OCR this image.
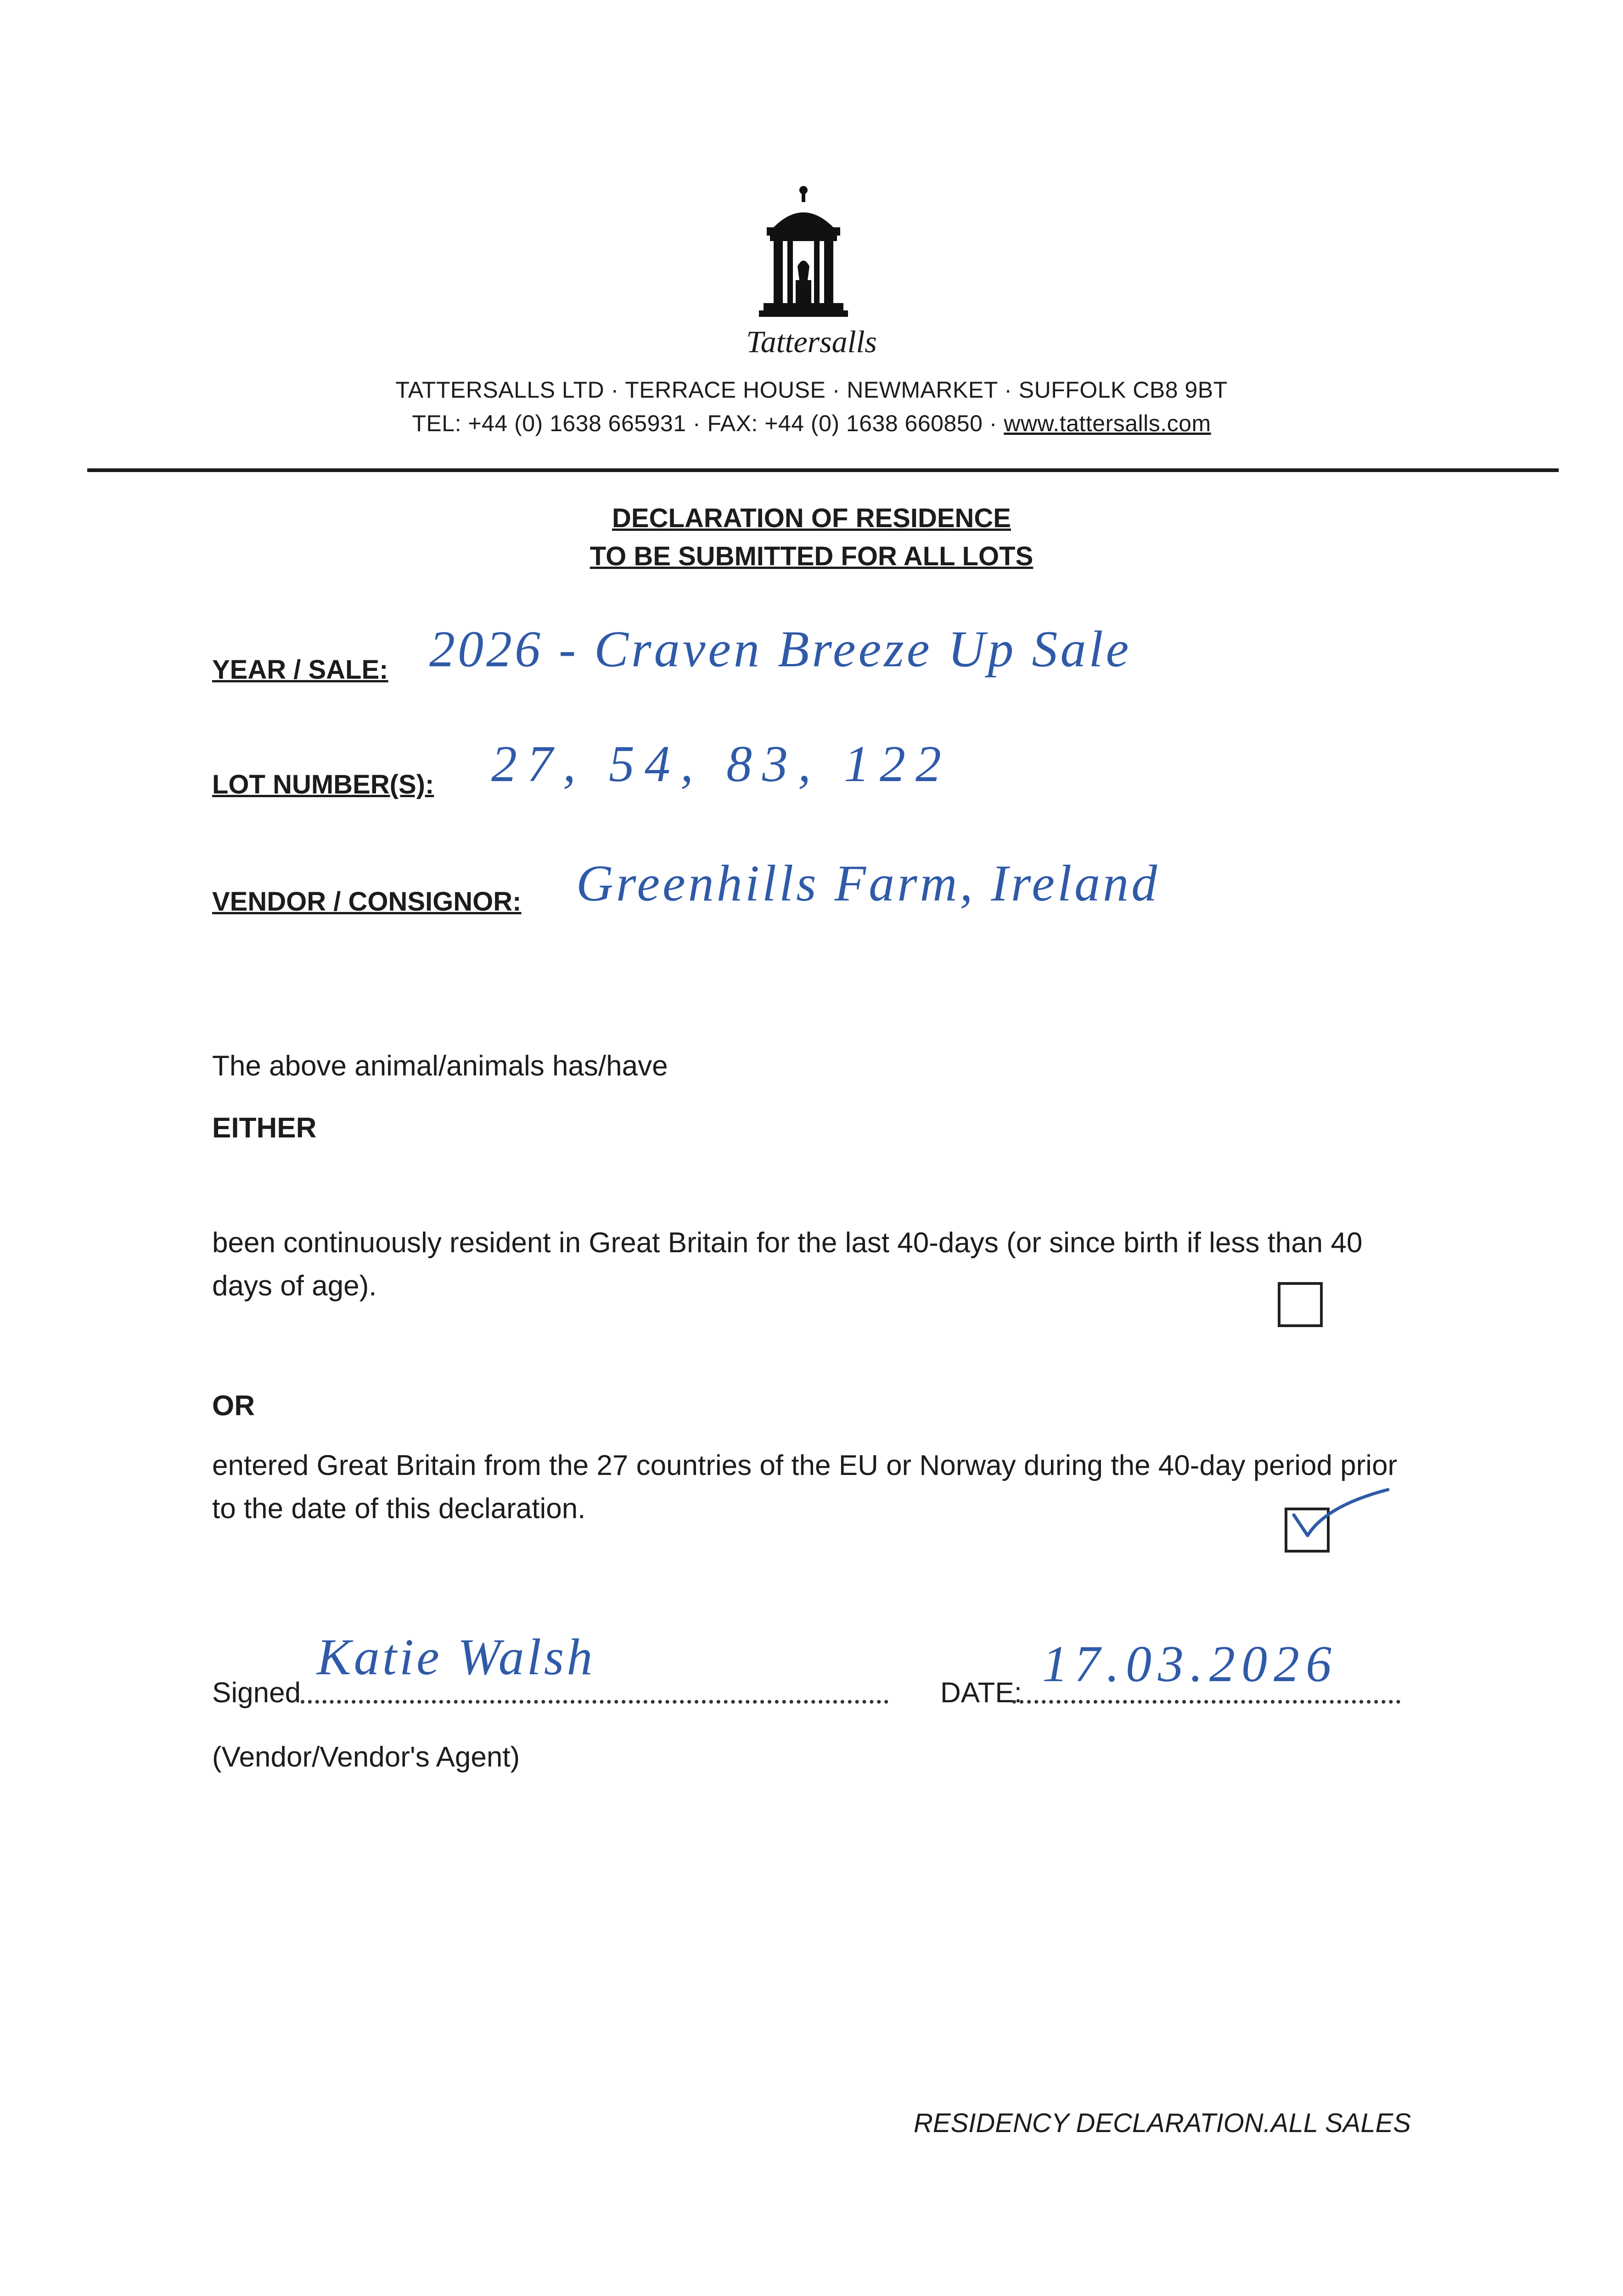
Tattersalls
TATTERSALLS LTD · TERRACE HOUSE · NEWMARKET · SUFFOLK CB8 9BT
TEL: +44 (0) 1638 665931 · FAX: +44 (0) 1638 660850 · www.tattersalls.com
DECLARATION OF RESIDENCE
TO BE SUBMITTED FOR ALL LOTS
YEAR / SALE: 2026 - Craven Breeze Up Sale
LOT NUMBER(S): 27, 54, 83, 122
VENDOR / CONSIGNOR: Greenhills Farm, Ireland
The above animal/animals has/have
EITHER
been continuously resident in Great Britain for the last 40-days (or since birth if less than 40 days of age).
OR
entered Great Britain from the 27 countries of the EU or Norway during the 40-day period prior to the date of this declaration.
Signed
Katie Walsh
DATE:
17.03.2026
(Vendor/Vendor's Agent)
RESIDENCY DECLARATION.ALL SALES
